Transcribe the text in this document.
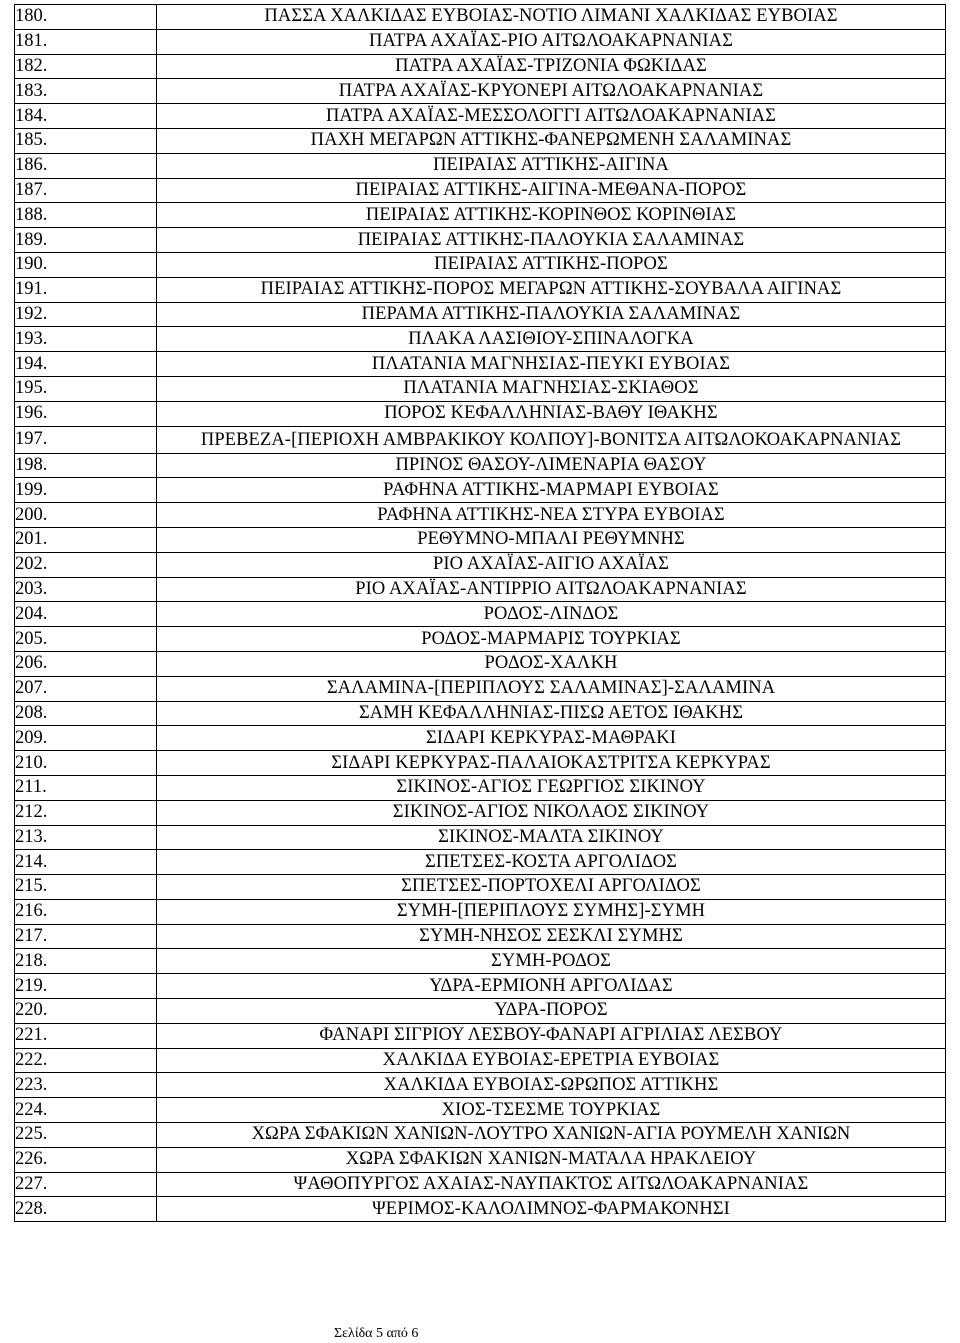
180.	ΠΑΣΣΑ ΧΑΛΚΙΔΑΣ ΕΥΒΟΙΑΣ-ΝΟΤΙΟ ΛΙΜΑΝΙ ΧΑΛΚΙΔΑΣ ΕΥΒΟΙΑΣ
181.	ΠΑΤΡΑ ΑΧΑΪΑΣ-ΡΙΟ ΑΙΤΩΛΟΑΚΑΡΝΑΝΙΑΣ
182.	ΠΑΤΡΑ ΑΧΑΪΑΣ-ΤΡΙΖΟΝΙΑ ΦΩΚΙΔΑΣ
183.	ΠΑΤΡΑ ΑΧΑΪΑΣ-ΚΡΥΟΝΕΡΙ ΑΙΤΩΛΟΑΚΑΡΝΑΝΙΑΣ
184.	ΠΑΤΡΑ ΑΧΑΪΑΣ-ΜΕΣΣΟΛΟΓΓΙ ΑΙΤΩΛΟΑΚΑΡΝΑΝΙΑΣ
185.	ΠΑΧΗ ΜΕΓΑΡΩΝ ΑΤΤΙΚΗΣ-ΦΑΝΕΡΩΜΕΝΗ ΣΑΛΑΜΙΝΑΣ
186.	ΠΕΙΡΑΙΑΣ ΑΤΤΙΚΗΣ-ΑΙΓΙΝΑ
187.	ΠΕΙΡΑΙΑΣ ΑΤΤΙΚΗΣ-ΑΙΓΙΝΑ-ΜΕΘΑΝΑ-ΠΟΡΟΣ
188.	ΠΕΙΡΑΙΑΣ ΑΤΤΙΚΗΣ-ΚΟΡΙΝΘΟΣ ΚΟΡΙΝΘΙΑΣ
189.	ΠΕΙΡΑΙΑΣ ΑΤΤΙΚΗΣ-ΠΑΛΟΥΚΙΑ ΣΑΛΑΜΙΝΑΣ
190.	ΠΕΙΡΑΙΑΣ ΑΤΤΙΚΗΣ-ΠΟΡΟΣ
191.	ΠΕΙΡΑΙΑΣ ΑΤΤΙΚΗΣ-ΠΟΡΟΣ ΜΕΓΑΡΩΝ ΑΤΤΙΚΗΣ-ΣΟΥΒΑΛΑ ΑΙΓΙΝΑΣ
192.	ΠΕΡΑΜΑ ΑΤΤΙΚΗΣ-ΠΑΛΟΥΚΙΑ ΣΑΛΑΜΙΝΑΣ
193.	ΠΛΑΚΑ ΛΑΣΙΘΙΟΥ-ΣΠΙΝΑΛΟΓΚΑ
194.	ΠΛΑΤΑΝΙΑ ΜΑΓΝΗΣΙΑΣ-ΠΕΥΚΙ ΕΥΒΟΙΑΣ
195.	ΠΛΑΤΑΝΙΑ ΜΑΓΝΗΣΙΑΣ-ΣΚΙΑΘΟΣ
196.	ΠΟΡΟΣ ΚΕΦΑΛΛΗΝΙΑΣ-ΒΑΘΥ ΙΘΑΚΗΣ
197.	ΠΡΕΒΕΖΑ-[ΠΕΡΙΟΧΗ ΑΜΒΡΑΚΙΚΟΥ ΚΟΛΠΟΥ]-ΒΟΝΙΤΣΑ ΑΙΤΩΛΟΚΟΑΚΑΡΝΑΝΙΑΣ
198.	ΠΡΙΝΟΣ ΘΑΣΟΥ-ΛΙΜΕΝΑΡΙΑ ΘΑΣΟΥ
199.	ΡΑΦΗΝΑ ΑΤΤΙΚΗΣ-ΜΑΡΜΑΡΙ ΕΥΒΟΙΑΣ
200.	ΡΑΦΗΝΑ ΑΤΤΙΚΗΣ-ΝΕΑ ΣΤΥΡΑ ΕΥΒΟΙΑΣ
201.	ΡΕΘΥΜΝΟ-ΜΠΑΛΙ ΡΕΘΥΜΝΗΣ
202.	ΡΙΟ ΑΧΑΪΑΣ-ΑΙΓΙΟ ΑΧΑΪΑΣ
203.	ΡΙΟ ΑΧΑΪΑΣ-ΑΝΤΙΡΡΙΟ ΑΙΤΩΛΟΑΚΑΡΝΑΝΙΑΣ
204.	ΡΟΔΟΣ-ΛΙΝΔΟΣ
205.	ΡΟΔΟΣ-ΜΑΡΜΑΡΙΣ ΤΟΥΡΚΙΑΣ
206.	ΡΟΔΟΣ-ΧΑΛΚΗ
207.	ΣΑΛΑΜΙΝΑ-[ΠΕΡΙΠΛΟΥΣ ΣΑΛΑΜΙΝΑΣ]-ΣΑΛΑΜΙΝΑ
208.	ΣΑΜΗ ΚΕΦΑΛΛΗΝΙΑΣ-ΠΙΣΩ ΑΕΤΟΣ ΙΘΑΚΗΣ
209.	ΣΙΔΑΡΙ ΚΕΡΚΥΡΑΣ-ΜΑΘΡΑΚΙ
210.	ΣΙΔΑΡΙ ΚΕΡΚΥΡΑΣ-ΠΑΛΑΙΟΚΑΣΤΡΙΤΣΑ ΚΕΡΚΥΡΑΣ
211.	ΣΙΚΙΝΟΣ-ΑΓΙΟΣ ΓΕΩΡΓΙΟΣ ΣΙΚΙΝΟΥ
212.	ΣΙΚΙΝΟΣ-ΑΓΙΟΣ ΝΙΚΟΛΑΟΣ ΣΙΚΙΝΟΥ
213.	ΣΙΚΙΝΟΣ-ΜΑΛΤΑ ΣΙΚΙΝΟΥ
214.	ΣΠΕΤΣΕΣ-ΚΟΣΤΑ ΑΡΓΟΛΙΔΟΣ
215.	ΣΠΕΤΣΕΣ-ΠΟΡΤΟΧΕΛΙ ΑΡΓΟΛΙΔΟΣ
216.	ΣΥΜΗ-[ΠΕΡΙΠΛΟΥΣ ΣΥΜΗΣ]-ΣΥΜΗ
217.	ΣΥΜΗ-ΝΗΣΟΣ ΣΕΣΚΛΙ ΣΥΜΗΣ
218.	ΣΥΜΗ-ΡΟΔΟΣ
219.	ΥΔΡΑ-ΕΡΜΙΟΝΗ ΑΡΓΟΛΙΔΑΣ
220.	ΥΔΡΑ-ΠΟΡΟΣ
221.	ΦΑΝΑΡΙ ΣΙΓΡΙΟΥ ΛΕΣΒΟΥ-ΦΑΝΑΡΙ ΑΓΡΙΛΙΑΣ ΛΕΣΒΟΥ
222.	ΧΑΛΚΙΔΑ ΕΥΒΟΙΑΣ-ΕΡΕΤΡΙΑ ΕΥΒΟΙΑΣ
223.	ΧΑΛΚΙΔΑ ΕΥΒΟΙΑΣ-ΩΡΩΠΟΣ ΑΤΤΙΚΗΣ
224.	ΧΙΟΣ-ΤΣΕΣΜΕ ΤΟΥΡΚΙΑΣ
225.	ΧΩΡΑ ΣΦΑΚΙΩΝ ΧΑΝΙΩΝ-ΛΟΥΤΡΟ ΧΑΝΙΩΝ-ΑΓΙΑ ΡΟΥΜΕΛΗ ΧΑΝΙΩΝ
226.	ΧΩΡΑ ΣΦΑΚΙΩΝ ΧΑΝΙΩΝ-ΜΑΤΑΛΑ ΗΡΑΚΛΕΙΟΥ
227.	ΨΑΘΟΠΥΡΓΟΣ ΑΧΑΙΑΣ-ΝΑΥΠΑΚΤΟΣ ΑΙΤΩΛΟΑΚΑΡΝΑΝΙΑΣ
228.	ΨΕΡΙΜΟΣ-ΚΑΛΟΛΙΜΝΟΣ-ΦΑΡΜΑΚΟΝΗΣΙ
Σελίδα 5 από 6
